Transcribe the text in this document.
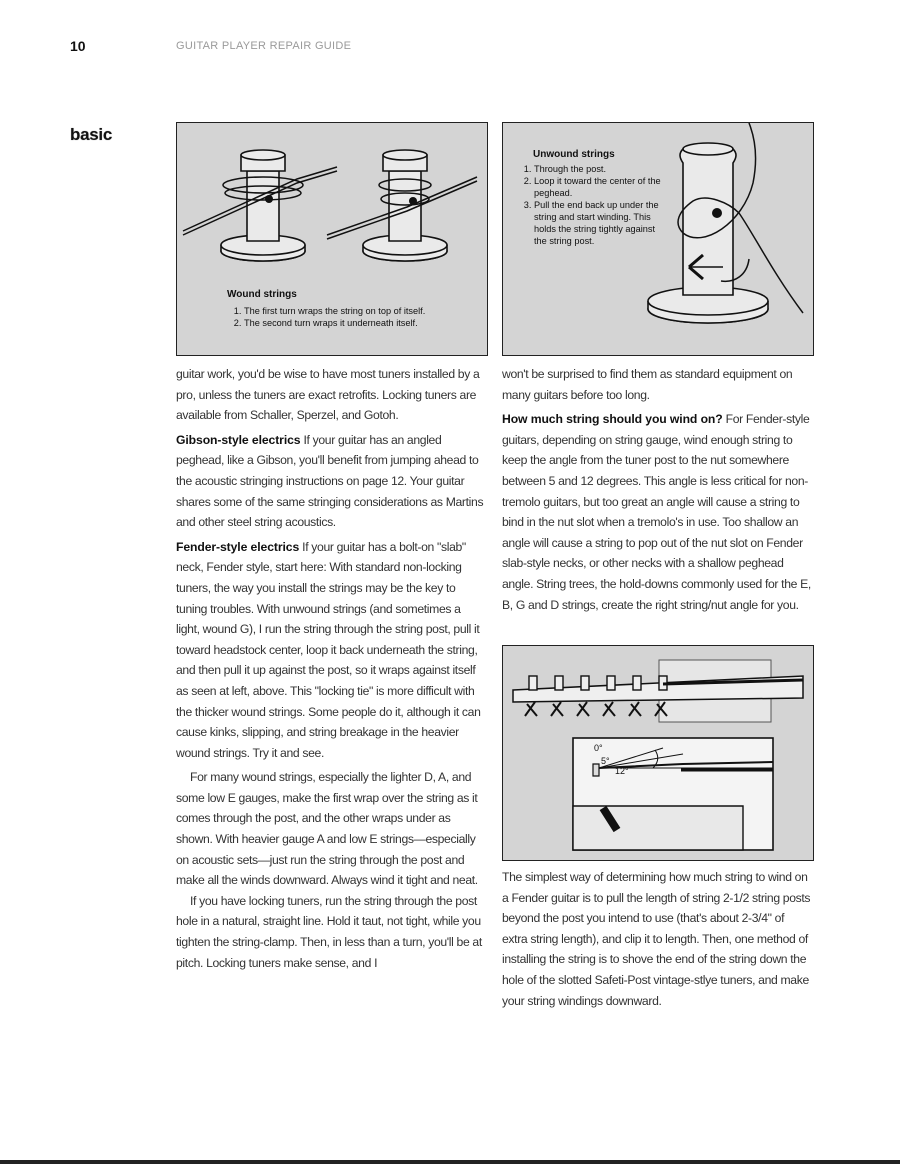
10	GUITAR PLAYER REPAIR GUIDE
basic
Wound strings
1. The first turn wraps the string on top of itself.
2. The second turn wraps it underneath itself.
Unwound strings
1. Through the post.
2. Loop it toward the center of the peghead.
3. Pull the end back up under the string and start winding. This holds the string tightly against the string post.

guitar work, you'd be wise to have most tuners installed by a pro, unless the tuners are exact retrofits. Locking tuners are available from Schaller, Sperzel, and Gotoh.

Gibson-style electrics If your guitar has an angled peghead, like a Gibson, you'll benefit from jumping ahead to the acoustic stringing instructions on page 12. Your guitar shares some of the same stringing considerations as Martins and other steel string acoustics.

Fender-style electrics If your guitar has a bolt-on "slab" neck, Fender style, start here: With standard non-locking tuners, the way you install the strings may be the key to tuning troubles. With unwound strings (and sometimes a light, wound G), I run the string through the string post, pull it toward headstock center, loop it back underneath the string, and then pull it up against the post, so it wraps against itself as seen at left, above. This "locking tie" is more difficult with the thicker wound strings. Some people do it, although it can cause kinks, slipping, and string breakage in the heavier wound strings. Try it and see.

For many wound strings, especially the lighter D, A, and some low E gauges, make the first wrap over the string as it comes through the post, and the other wraps under as shown. With heavier gauge A and low E strings—especially on acoustic sets—just run the string through the post and make all the winds downward. Always wind it tight and neat.

If you have locking tuners, run the string through the post hole in a natural, straight line. Hold it taut, not tight, while you tighten the string-clamp. Then, in less than a turn, you'll be at pitch. Locking tuners make sense, and I

won't be surprised to find them as standard equipment on many guitars before too long.

How much string should you wind on? For Fender-style guitars, depending on string gauge, wind enough string to keep the angle from the tuner post to the nut somewhere between 5 and 12 degrees. This angle is less critical for non-tremolo guitars, but too great an angle will cause a string to bind in the nut slot when a tremolo's in use. Too shallow an angle will cause a string to pop out of the nut slot on Fender slab-style necks, or other necks with a shallow peghead angle. String trees, the hold-downs commonly used for the E, B, G and D strings, create the right string/nut angle for you.

0°
5°
12°

The simplest way of determining how much string to wind on a Fender guitar is to pull the length of string 2-1/2 string posts beyond the post you intend to use (that's about 2-3/4" of extra string length), and clip it to length. Then, one method of installing the string is to shove the end of the string down the hole of the slotted Safeti-Post vintage-stlye tuners, and make your string windings downward.
